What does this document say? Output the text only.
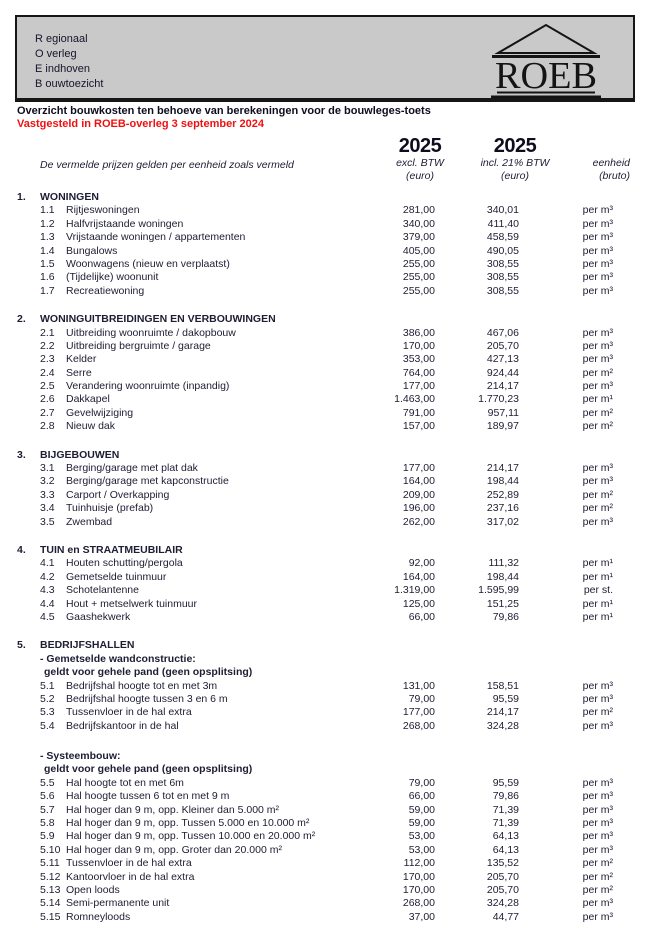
R egionaal
O verleg
E indhoven
B ouwtoezicht	ROEB
Overzicht bouwkosten ten behoeve van berekeningen voor de bouwleges-toets
Vastgesteld in ROEB-overleg 3 september 2024
De vermelde prijzen gelden per eenheid zoals vermeld
2025
excl. BTW
(euro)
2025
incl. 21% BTW
(euro)
eenheid
(bruto)
1.	WONINGEN
1.1	Rijtjeswoningen	281,00	340,01	per m³
1.2	Halfvrijstaande woningen	340,00	411,40	per m³
1.3	Vrijstaande woningen / appartementen	379,00	458,59	per m³
1.4	Bungalows	405,00	490,05	per m³
1.5	Woonwagens (nieuw en verplaatst)	255,00	308,55	per m³
1.6	(Tijdelijke) woonunit	255,00	308,55	per m³
1.7	Recreatiewoning	255,00	308,55	per m³
2.	WONINGUITBREIDINGEN EN VERBOUWINGEN
2.1	Uitbreiding woonruimte / dakopbouw	386,00	467,06	per m³
2.2	Uitbreiding bergruimte / garage	170,00	205,70	per m³
2.3	Kelder	353,00	427,13	per m³
2.4	Serre	764,00	924,44	per m²
2.5	Verandering woonruimte (inpandig)	177,00	214,17	per m³
2.6	Dakkapel	1.463,00	1.770,23	per m¹
2.7	Gevelwijziging	791,00	957,11	per m²
2.8	Nieuw dak	157,00	189,97	per m²
3.	BIJGEBOUWEN
3.1	Berging/garage met plat dak	177,00	214,17	per m³
3.2	Berging/garage met kapconstructie	164,00	198,44	per m³
3.3	Carport / Overkapping	209,00	252,89	per m²
3.4	Tuinhuisje (prefab)	196,00	237,16	per m²
3.5	Zwembad	262,00	317,02	per m³
4.	TUIN en STRAATMEUBILAIR
4.1	Houten schutting/pergola	92,00	111,32	per m¹
4.2	Gemetselde tuinmuur	164,00	198,44	per m¹
4.3	Schotelantenne	1.319,00	1.595,99	per st.
4.4	Hout + metselwerk tuinmuur	125,00	151,25	per m¹
4.5	Gaashekwerk	66,00	79,86	per m¹
5.	BEDRIJFSHALLEN
- Gemetselde wandconstructie:
geldt voor gehele pand (geen opsplitsing)
5.1	Bedrijfshal hoogte tot en met 3m	131,00	158,51	per m³
5.2	Bedrijfshal hoogte tussen 3 en 6 m	79,00	95,59	per m³
5.3	Tussenvloer in de hal extra	177,00	214,17	per m²
5.4	Bedrijfskantoor in de hal	268,00	324,28	per m³
- Systeembouw:
geldt voor gehele pand (geen opsplitsing)
5.5	Hal hoogte tot en met 6m	79,00	95,59	per m³
5.6	Hal hoogte tussen 6 tot en met 9 m	66,00	79,86	per m³
5.7	Hal hoger dan 9 m, opp. Kleiner dan 5.000 m²	59,00	71,39	per m³
5.8	Hal hoger dan 9 m, opp. Tussen 5.000 en 10.000 m²	59,00	71,39	per m³
5.9	Hal hoger dan 9 m, opp. Tussen 10.000 en 20.000 m²	53,00	64,13	per m³
5.10 Hal hoger dan 9 m, opp. Groter dan 20.000 m²	53,00	64,13	per m³
5.11 Tussenvloer in de hal extra	112,00	135,52	per m²
5.12 Kantoorvloer in de hal extra	170,00	205,70	per m²
5.13 Open loods	170,00	205,70	per m²
5.14 Semi-permanente unit	268,00	324,28	per m³
5.15 Romneyloods	37,00	44,77	per m³
